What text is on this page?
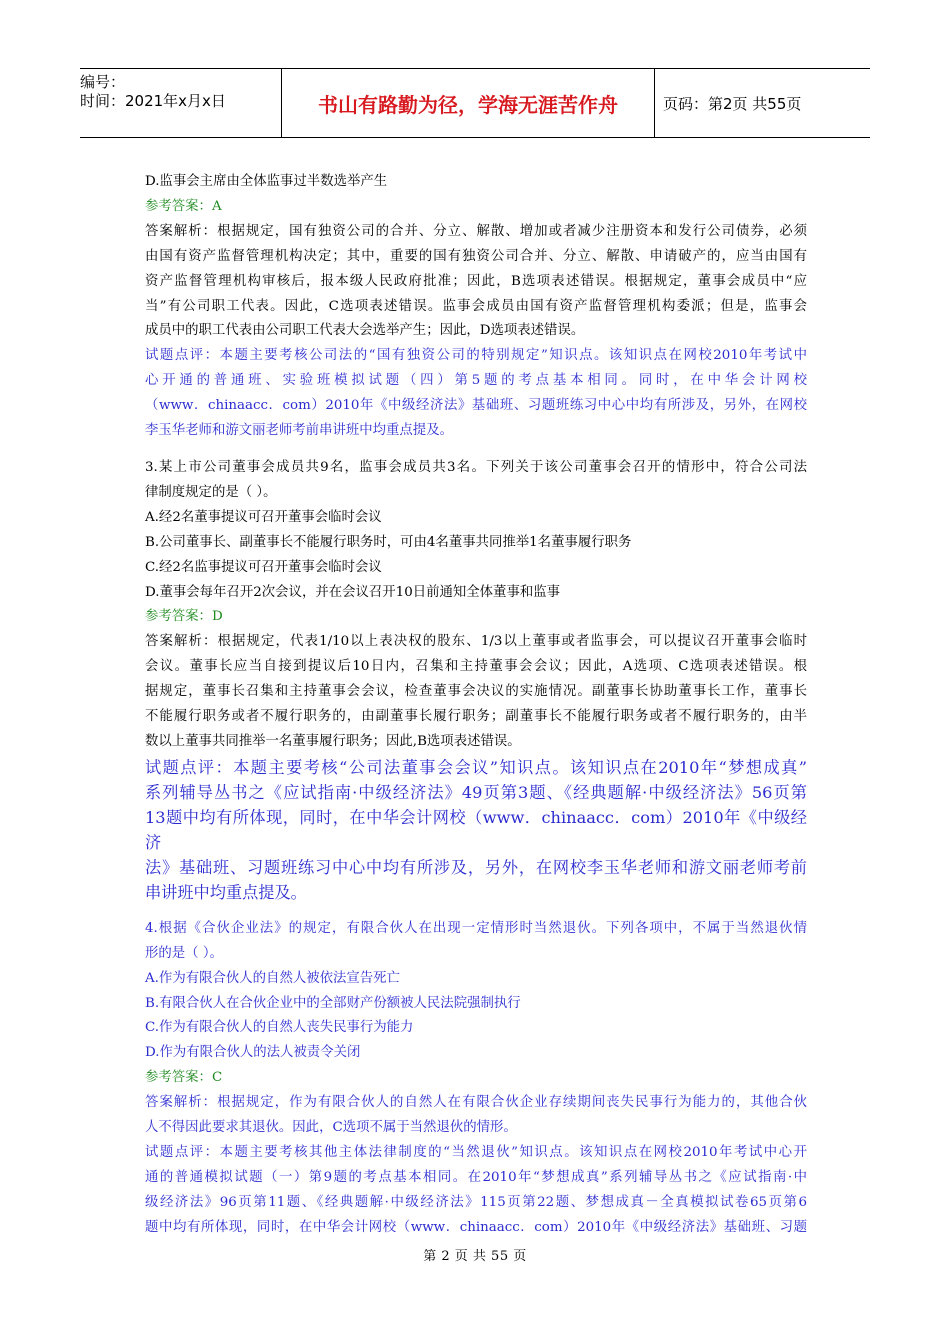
编号：
时间：2021年x月x日	书山有路勤为径，学海无涯苦作舟	页码：第2页 共55页

D.监事会主席由全体监事过半数选举产生

参考答案：A

答案解析：根据规定，国有独资公司的合并、分立、解散、增加或者减少注册资本和发行公司债券，必须

由国有资产监督管理机构决定；其中，重要的国有独资公司合并、分立、解散、申请破产的，应当由国有

资产监督管理机构审核后，报本级人民政府批准；因此，B选项表述错误。根据规定，董事会成员中“应

当”有公司职工代表。因此，C选项表述错误。监事会成员由国有资产监督管理机构委派；但是，监事会

成员中的职工代表由公司职工代表大会选举产生；因此，D选项表述错误。

试题点评：本题主要考核公司法的“国有独资公司的特别规定”知识点。该知识点在网校2010年考试中

心开通的普通班、实验班模拟试题（四）第5题的考点基本相同。同时，在中华会计网校

（www．chinaacc．com）2010年《中级经济法》基础班、习题班练习中心中均有所涉及，另外，在网校

李玉华老师和游文丽老师考前串讲班中均重点提及。

3.某上市公司董事会成员共9名，监事会成员共3名。下列关于该公司董事会召开的情形中，符合公司法

律制度规定的是（ ）。

A.经2名董事提议可召开董事会临时会议

B.公司董事长、副董事长不能履行职务时，可由4名董事共同推举1名董事履行职务

C.经2名监事提议可召开董事会临时会议

D.董事会每年召开2次会议，并在会议召开10日前通知全体董事和监事

参考答案：D

答案解析：根据规定，代表1/10以上表决权的股东、1/3以上董事或者监事会，可以提议召开董事会临时

会议。董事长应当自接到提议后10日内，召集和主持董事会会议；因此，A选项、C选项表述错误。根

据规定，董事长召集和主持董事会会议，检查董事会决议的实施情况。副董事长协助董事长工作，董事长

不能履行职务或者不履行职务的，由副董事长履行职务；副董事长不能履行职务或者不履行职务的，由半

数以上董事共同推举一名董事履行职务；因此,B选项表述错误。

试题点评：本题主要考核“公司法董事会会议”知识点。该知识点在2010年“梦想成真”

系列辅导丛书之《应试指南·中级经济法》49页第3题、《经典题解·中级经济法》56页第

13题中均有所体现，同时，在中华会计网校（www．chinaacc．com）2010年《中级经济

法》基础班、习题班练习中心中均有所涉及，另外，在网校李玉华老师和游文丽老师考前

串讲班中均重点提及。

4.根据《合伙企业法》的规定，有限合伙人在出现一定情形时当然退伙。下列各项中，不属于当然退伙情

形的是（ ）。

A.作为有限合伙人的自然人被依法宣告死亡

B.有限合伙人在合伙企业中的全部财产份额被人民法院强制执行

C.作为有限合伙人的自然人丧失民事行为能力

D.作为有限合伙人的法人被责令关闭

参考答案：C

答案解析：根据规定，作为有限合伙人的自然人在有限合伙企业存续期间丧失民事行为能力的，其他合伙

人不得因此要求其退伙。因此，C选项不属于当然退伙的情形。

试题点评：本题主要考核其他主体法律制度的“当然退伙”知识点。该知识点在网校2010年考试中心开

通的普通模拟试题（一）第9题的考点基本相同。在2010年“梦想成真”系列辅导丛书之《应试指南·中

级经济法》96页第11题、《经典题解·中级经济法》115页第22题、梦想成真－全真模拟试卷65页第6

题中均有所体现，同时，在中华会计网校（www．chinaacc．com）2010年《中级经济法》基础班、习题

第 2 页 共 55 页
